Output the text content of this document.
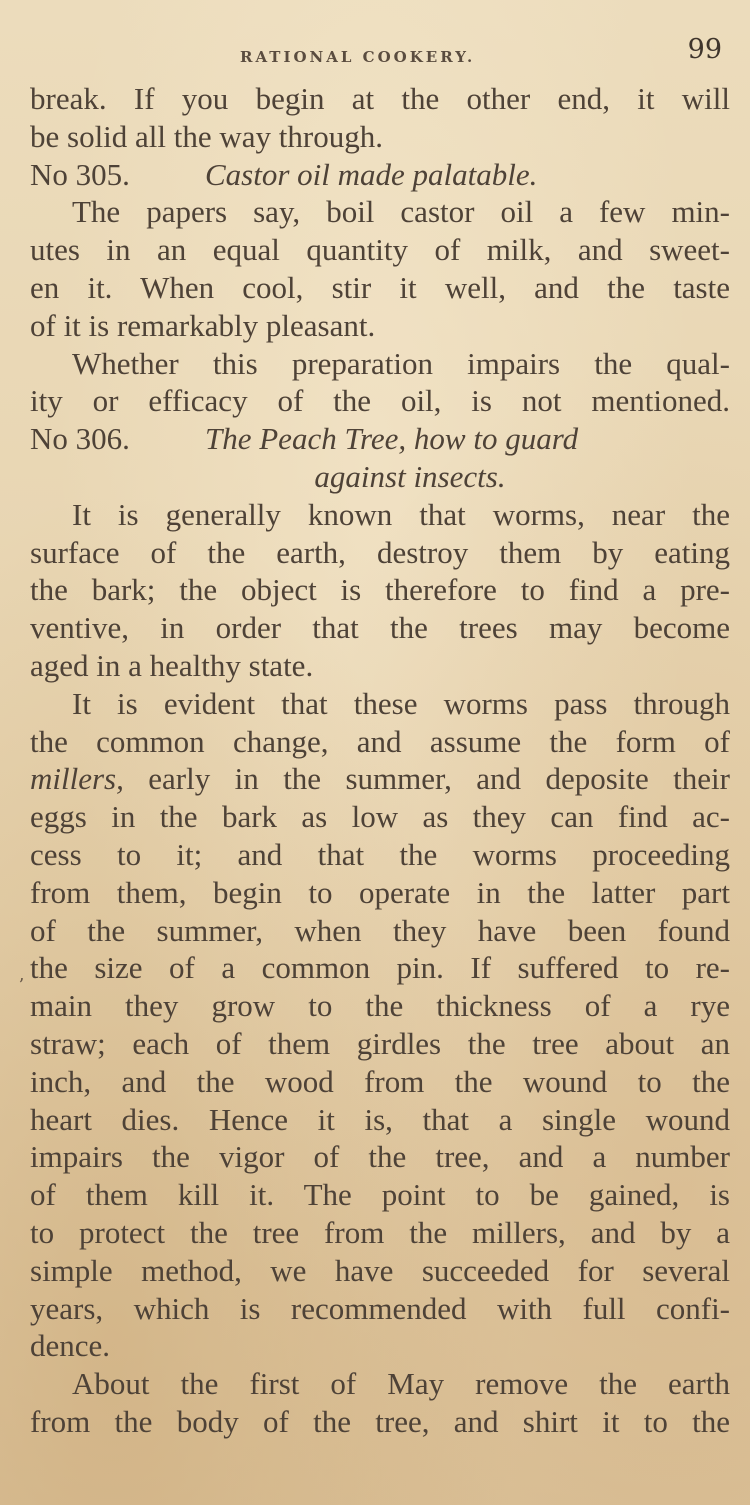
RATIONAL COOKERY.	99

break. If you begin at the other end, it will

be solid all the way through.

No 305. Castor oil made palatable.

The papers say, boil castor oil a few min-

utes in an equal quantity of milk, and sweet-

en it. When cool, stir it well, and the taste

of it is remarkably pleasant.

Whether this preparation impairs the qual-

ity or efficacy of the oil, is not mentioned.

No 306. The Peach Tree, how to guard

against insects.

It is generally known that worms, near the

surface of the earth, destroy them by eating

the bark; the object is therefore to find a pre-

ventive, in order that the trees may become

aged in a healthy state.

It is evident that these worms pass through

the common change, and assume the form of

millers, early in the summer, and deposite their

eggs in the bark as low as they can find ac-

cess to it; and that the worms proceeding

from them, begin to operate in the latter part

of the summer, when they have been found

the size of a common pin. If suffered to re-

main they grow to the thickness of a rye

straw; each of them girdles the tree about an

inch, and the wood from the wound to the

heart dies. Hence it is, that a single wound

impairs the vigor of the tree, and a number

of them kill it. The point to be gained, is

to protect the tree from the millers, and by a

simple method, we have succeeded for several

years, which is recommended with full confi-

dence.

About the first of May remove the earth

from the body of the tree, and shirt it to the

ʼ
